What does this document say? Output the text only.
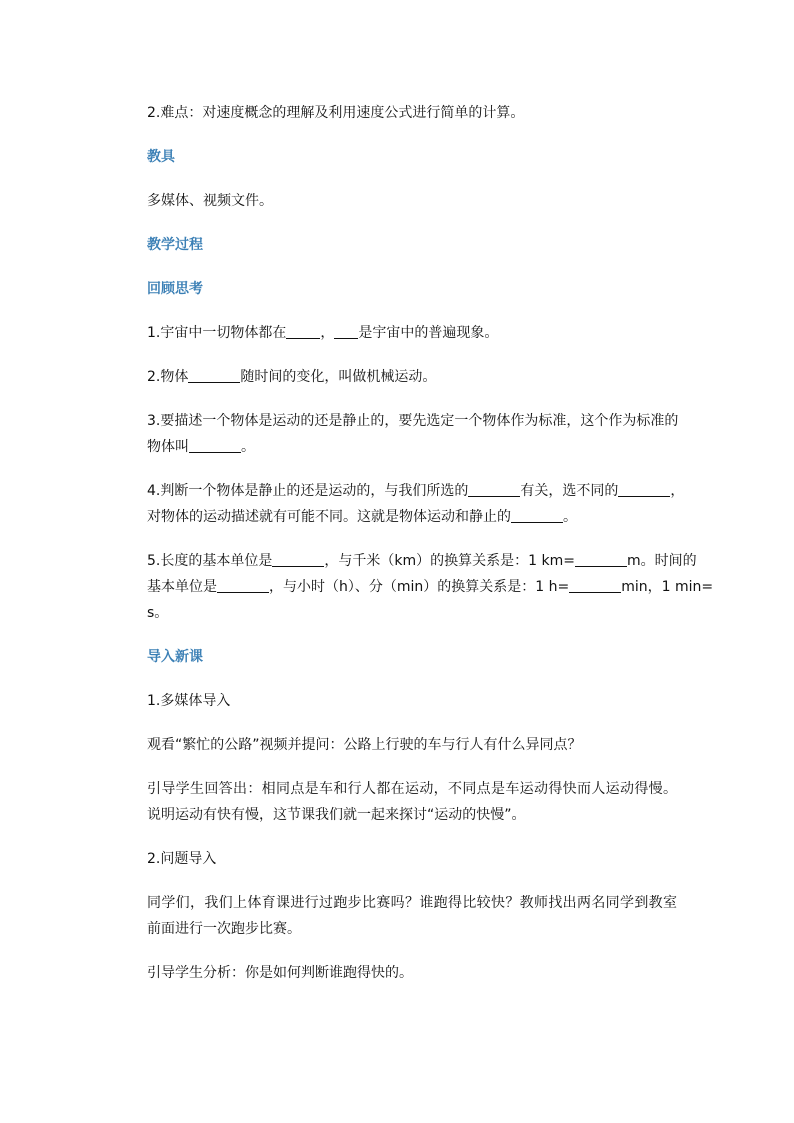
2.难点：对速度概念的理解及利用速度公式进行简单的计算。
教具
多媒体、视频文件。
教学过程
回顾思考
1.宇宙中一切物体都在 ， 是宇宙中的普遍现象。
2.物体	随时间的变化，叫做机械运动。
3.要描述一个物体是运动的还是静止的，要先选定一个物体作为标准，这个作为标准的
物体叫	。
4.判断一个物体是静止的还是运动的，与我们所选的	有关，选不同的	，
对物体的运动描述就有可能不同。这就是物体运动和静止的	。
5.长度的基本单位是	，与千米（km）的换算关系是：1 km=	m。时间的
基本单位是	，与小时（h）、分（min）的换算关系是：1 h=	min，1 min=
s。
导入新课
1.多媒体导入
观看“繁忙的公路”视频并提问：公路上行驶的车与行人有什么异同点？
引导学生回答出：相同点是车和行人都在运动，不同点是车运动得快而人运动得慢。说明运动有快有慢，这节课我们就一起来探讨“运动的快慢”。
2.问题导入
同学们，我们上体育课进行过跑步比赛吗？谁跑得比较快？教师找出两名同学到教室前面进行一次跑步比赛。
引导学生分析：你是如何判断谁跑得快的。
